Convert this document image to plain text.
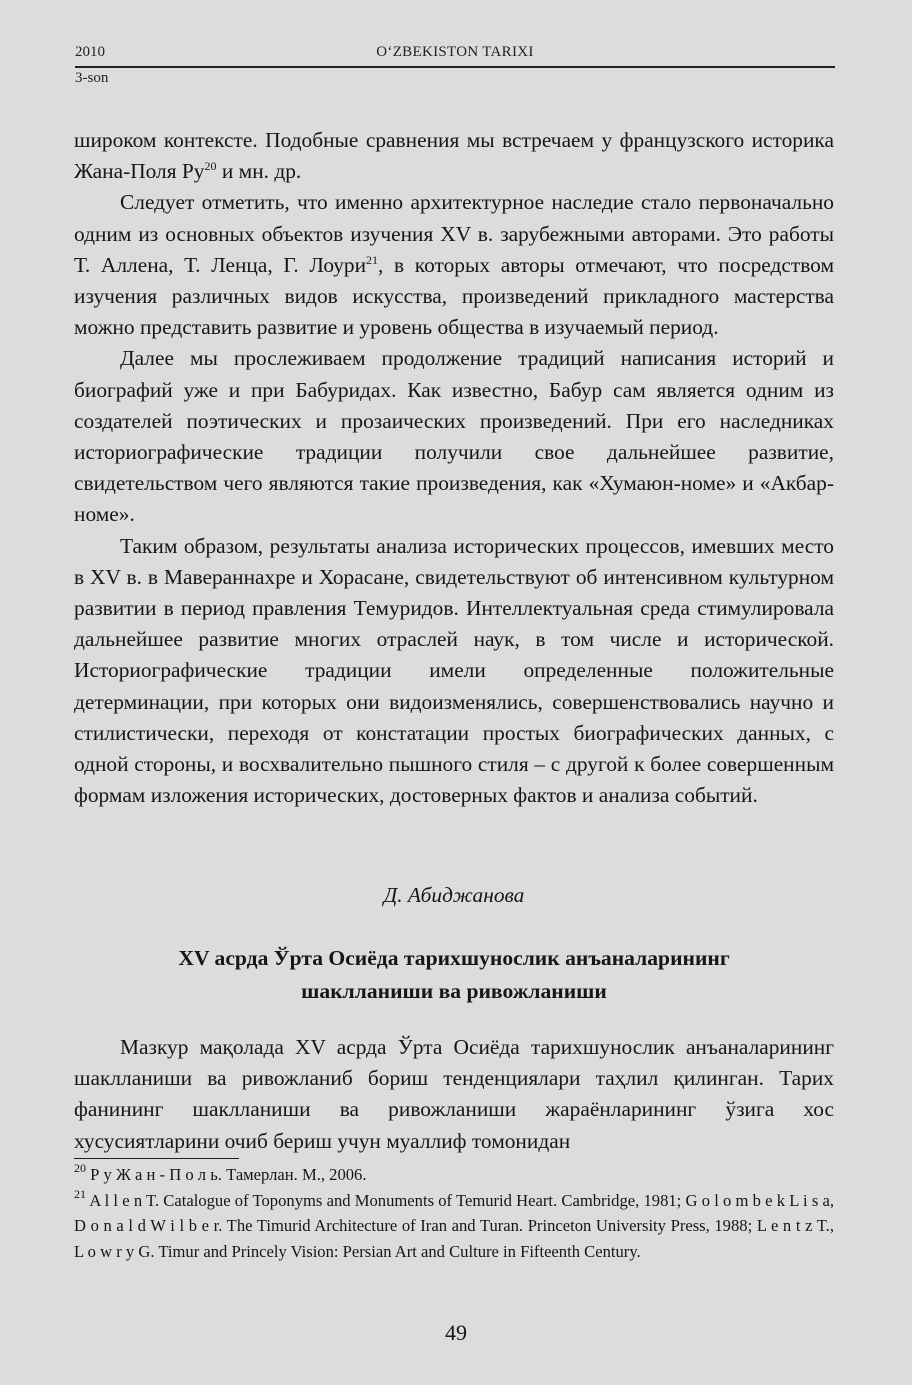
2010	O‘ZBEKISTON TARIXI
3-son

широком контексте. Подобные сравнения мы встречаем у французского историка Жана-Поля $Ру^{20}$ и мн. др.

Следует отметить, что именно архитектурное наследие стало первоначально одним из основных объектов изучения XV в. зарубежными авторами. Это работы Т. Аллена, Т. Ленца, Г. Лоури$^{21}$, в которых авторы отмечают, что посредством изучения различных видов искусства, произведений прикладного мастерства можно представить развитие и уровень общества в изучаемый период.

Далее мы прослеживаем продолжение традиций написания историй и биографий уже и при Бабуридах. Как известно, Бабур сам является одним из создателей поэтических и прозаических произведений. При его наследниках историографические традиции получили свое дальнейшее развитие, свидетельством чего являются такие произведения, как «Хумаюн-номе» и «Акбар-номе».

Таким образом, результаты анализа исторических процессов, имевших место в XV в. в Мавераннахре и Хорасане, свидетельствуют об интенсивном культурном развитии в период правления Темуридов. Интеллектуальная среда стимулировала дальнейшее развитие многих отраслей наук, в том числе и исторической. Историографические традиции имели определенные положительные детерминации, при которых они видоизменялись, совершенствовались научно и стилистически, переходя от констатации простых биографических данных, с одной стороны, и восхвалительно пышного стиля – с другой к более совершенным формам изложения исторических, достоверных фактов и анализа событий.

Д. Абиджанова
XV асрда Ўрта Осиёда тарихшунослик анъаналарининг
шаклланиши ва ривожланиши

Мазкур мақолада XV асрда Ўрта Осиёда тарихшунослик анъаналарининг шаклланиши ва ривожланиб бориш тенденциялари таҳлил қилинган. Тарих фанининг шаклланиши ва ривожланиши жараёнларининг ўзига хос хусусиятларини очиб бериш учун муаллиф томонидан

$^{20}$ Р у Ж а н - П о л ь. Тамерлан. М., 2006.

$^{21}$ A l l e n T. Catalogue of Toponyms and Monuments of Temurid Heart. Cambridge, 1981; G o l o m b e k L i s a, D o n a l d W i l b e r. The Timurid Architecture of Iran and Turan. Princeton University Press, 1988; L e n t z T., L o w r y G. Timur and Princely Vision: Persian Art and Culture in Fifteenth Century.

49
